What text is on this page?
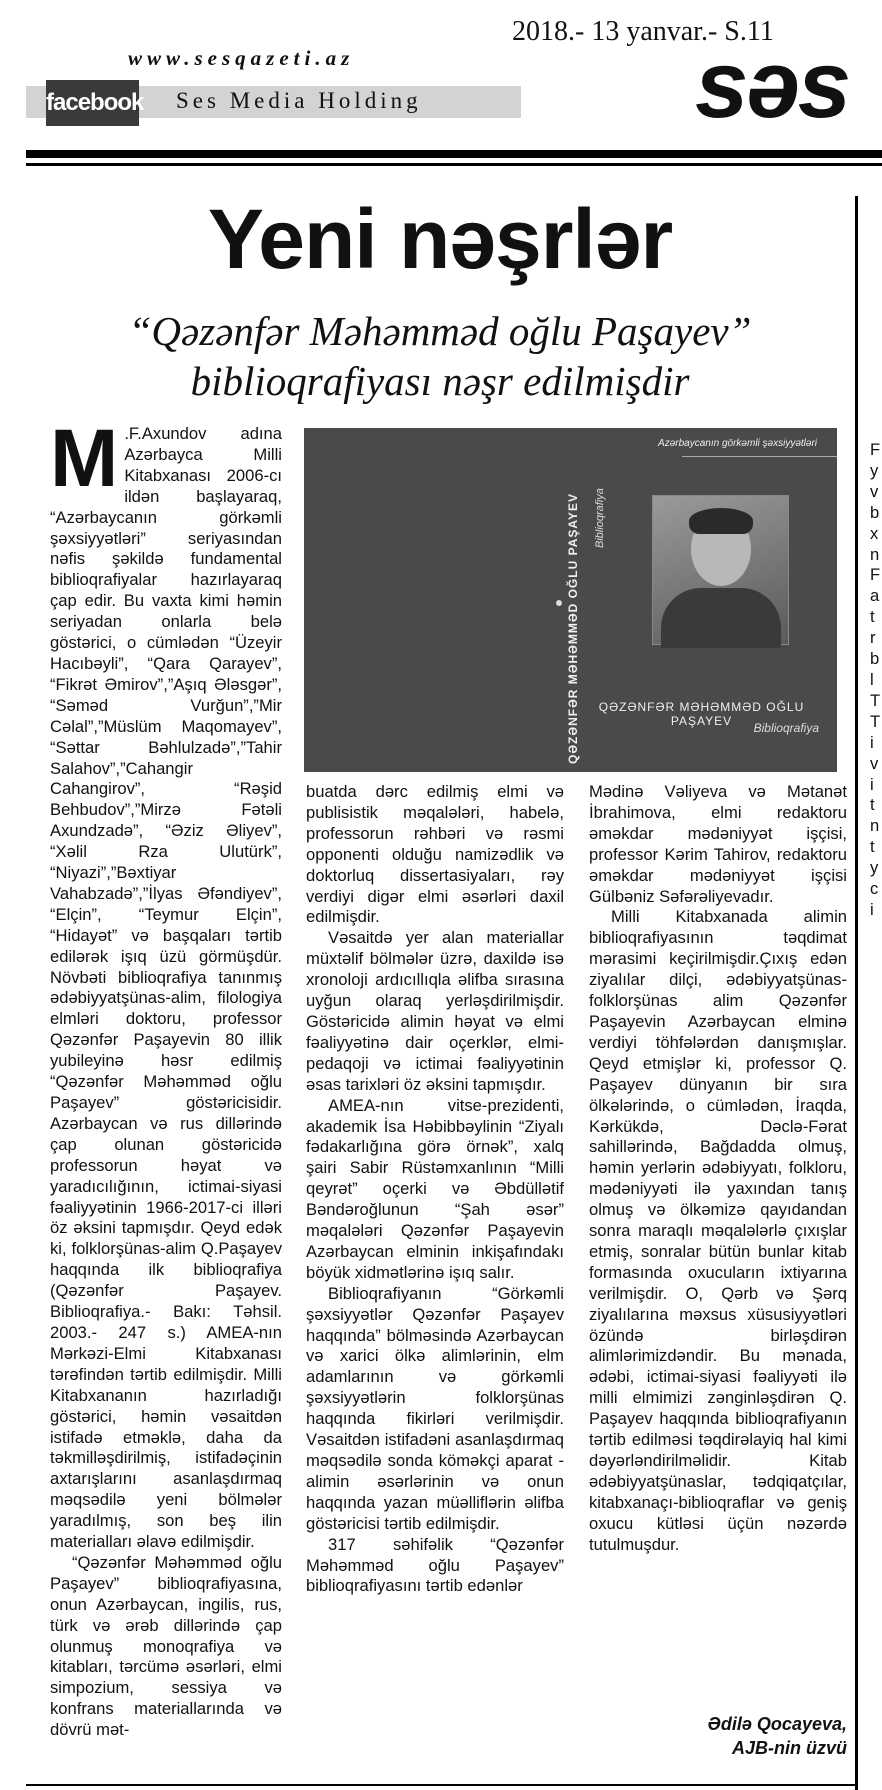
www.sesqazeti.az
2018.- 13 yanvar.- S.11
facebook Ses Media Holding	səs
Yeni nəşrlər
“Qəzənfər Məhəmməd oğlu Paşayev”
biblioqrafiyası nəşr edilmişdir

M .F.Axundov adına Azərbayca Milli Kitabxanası 2006-cı ildən başlayaraq, “Azərbaycanın görkəmli şəxsiyyətləri” seriyasından nəfis şəkildə fundamental biblioqrafiyalar hazırlayaraq çap edir. Bu vaxta kimi həmin seriyadan onlarla belə göstərici, o cümlədən “Üzeyir Hacıbəyli”, “Qara Qarayev”, “Fikrət Əmirov”,”Aşıq Ələsgər”, “Səməd Vurğun”,”Mir Cəlal”,”Müslüm Maqomayev”, “Səttar Bəhlulzadə”,”Tahir Salahov”,”Cahangir Cahangirov”, “Rəşid Behbudov”,”Mirzə Fətəli Axundzadə”, “Əziz Əliyev”, “Xəlil Rza Ulutürk”, “Niyazi”,”Bəxtiyar Vahabzadə”,”İlyas Əfəndiyev”, “Elçin”, “Teymur Elçin”, “Hidayət” və başqaları tərtib edilərək işıq üzü görmüşdür. Növbəti biblioqrafiya tanınmış ədəbiyyatşünas-alim, filologiya elmləri doktoru, professor Qəzənfər Paşayevin 80 illik yubileyinə həsr edilmiş “Qəzənfər Məhəmməd oğlu Paşayev” göstəricisidir. Azərbaycan və rus dillərində çap olunan göstəricidə professorun həyat və yaradıcılığının, ictimai-siyasi fəaliyyətinin 1966-2017-ci illəri öz əksini tapmışdır. Qeyd edək ki, folklorşünas-alim Q.Paşayev haqqında ilk biblioqrafiya (Qəzənfər Paşayev. Biblioqrafiya.- Bakı: Təhsil. 2003.- 247 s.) AMEA-nın Mərkəzi-Elmi Kitabxanası tərəfindən tərtib edilmişdir. Milli Kitabxananın hazırladığı göstərici, həmin vəsaitdən istifadə etməklə, daha da təkmilləşdirilmiş, istifadəçinin axtarışlarını asanlaşdırmaq məqsədilə yeni bölmələr yaradılmış, son beş ilin materialları əlavə edilmişdir.

“Qəzənfər Məhəmməd oğlu Paşayev” biblioqrafiyasına, onun Azərbaycan, ingilis, rus, türk və ərəb dillərində çap olunmuş monoqrafiya və kitabları, tərcümə əsərləri, elmi simpozium, sessiya və konfrans materiallarında və dövrü mət-

Azərbaycanın görkəmli şəxsiyyətləri
QƏZƏNFƏR MƏHƏMMƏD OĞLU PAŞAYEV	Biblioqrafiya
QƏZƏNFƏR MƏHƏMMƏD OĞLU PAŞAYEV Biblioqrafiya

buatda dərc edilmiş elmi və publisistik məqalələri, habelə, professorun rəhbəri və rəsmi opponenti olduğu namizədlik və doktorluq dissertasiyaları, rəy verdiyi digər elmi əsərləri daxil edilmişdir.

Vəsaitdə yer alan materiallar müxtəlif bölmələr üzrə, daxildə isə xronoloji ardıcıllıqla əlifba sırasına uyğun olaraq yerləşdirilmişdir. Göstəricidə alimin həyat və elmi fəaliyyətinə dair oçerklər, elmi-pedaqoji və ictimai fəaliyyətinin əsas tarixləri öz əksini tapmışdır.

AMEA-nın vitse-prezidenti, akademik İsa Həbibbəylinin “Ziyalı fədakarlığına görə örnək”, xalq şairi Sabir Rüstəmxanlının “Milli qeyrət” oçerki və Əbdüllətif Bəndəroğlunun “Şah əsər” məqalələri Qəzənfər Paşayevin Azərbaycan elminin inkişafındakı böyük xidmətlərinə işıq salır.

Biblioqrafiyanın “Görkəmli şəxsiyyətlər Qəzənfər Paşayev haqqında” bölməsində Azərbaycan və xarici ölkə alimlərinin, elm adamlarının və görkəmli şəxsiyyətlərin folklorşünas haqqında fikirləri verilmişdir. Vəsaitdən istifadəni asanlaşdırmaq məqsədilə sonda köməkçi aparat - alimin əsərlərinin və onun haqqında yazan müəlliflərin əlifba göstəricisi tərtib edilmişdir.

317 səhifəlik “Qəzənfər Məhəmməd oğlu Paşayev” biblioqrafiyasını tərtib edənlər

Mədinə Vəliyeva və Mətanət İbrahimova, elmi redaktoru əməkdar mədəniyyət işçisi, professor Kərim Tahirov, redaktoru əməkdar mədəniyyət işçisi Gülbəniz Səfərəliyevadır.

Milli Kitabxanada alimin biblioqrafiyasının təqdimat mərasimi keçirilmişdir.Çıxış edən ziyalılar dilçi, ədəbiyyatşünas-folklorşünas alim Qəzənfər Paşayevin Azərbaycan elminə verdiyi töhfələrdən danışmışlar. Qeyd etmişlər ki, professor Q. Paşayev dünyanın bir sıra ölkələrində, o cümlədən, İraqda, Kərkükdə, Dəclə-Fərat sahillərində, Bağdadda olmuş, həmin yerlərin ədəbiyyatı, folkloru, mədəniyyəti ilə yaxından tanış olmuş və ölkəmizə qayıdandan sonra maraqlı məqalələrlə çıxışlar etmiş, sonralar bütün bunlar kitab formasında oxucuların ixtiyarına verilmişdir. O, Qərb və Şərq ziyalılarına məxsus xüsusiyyətləri özündə birləşdirən alimlərimizdəndir. Bu mənada, ədəbi, ictimai-siyasi fəaliyyəti ilə milli elmimizi zənginləşdirən Q. Paşayev haqqında biblioqrafiyanın tərtib edilməsi təqdirəlayiq hal kimi dəyərləndirilməlidir. Kitab ədəbiyyatşünaslar, tədqiqatçılar, kitabxanaçı-biblioqraflar və geniş oxucu kütləsi üçün nəzərdə tutulmuşdur.

Ədilə Qocayeva,
AJB-nin üzvü
F y v b x n F a t r b l T T i v i t n t y c i
